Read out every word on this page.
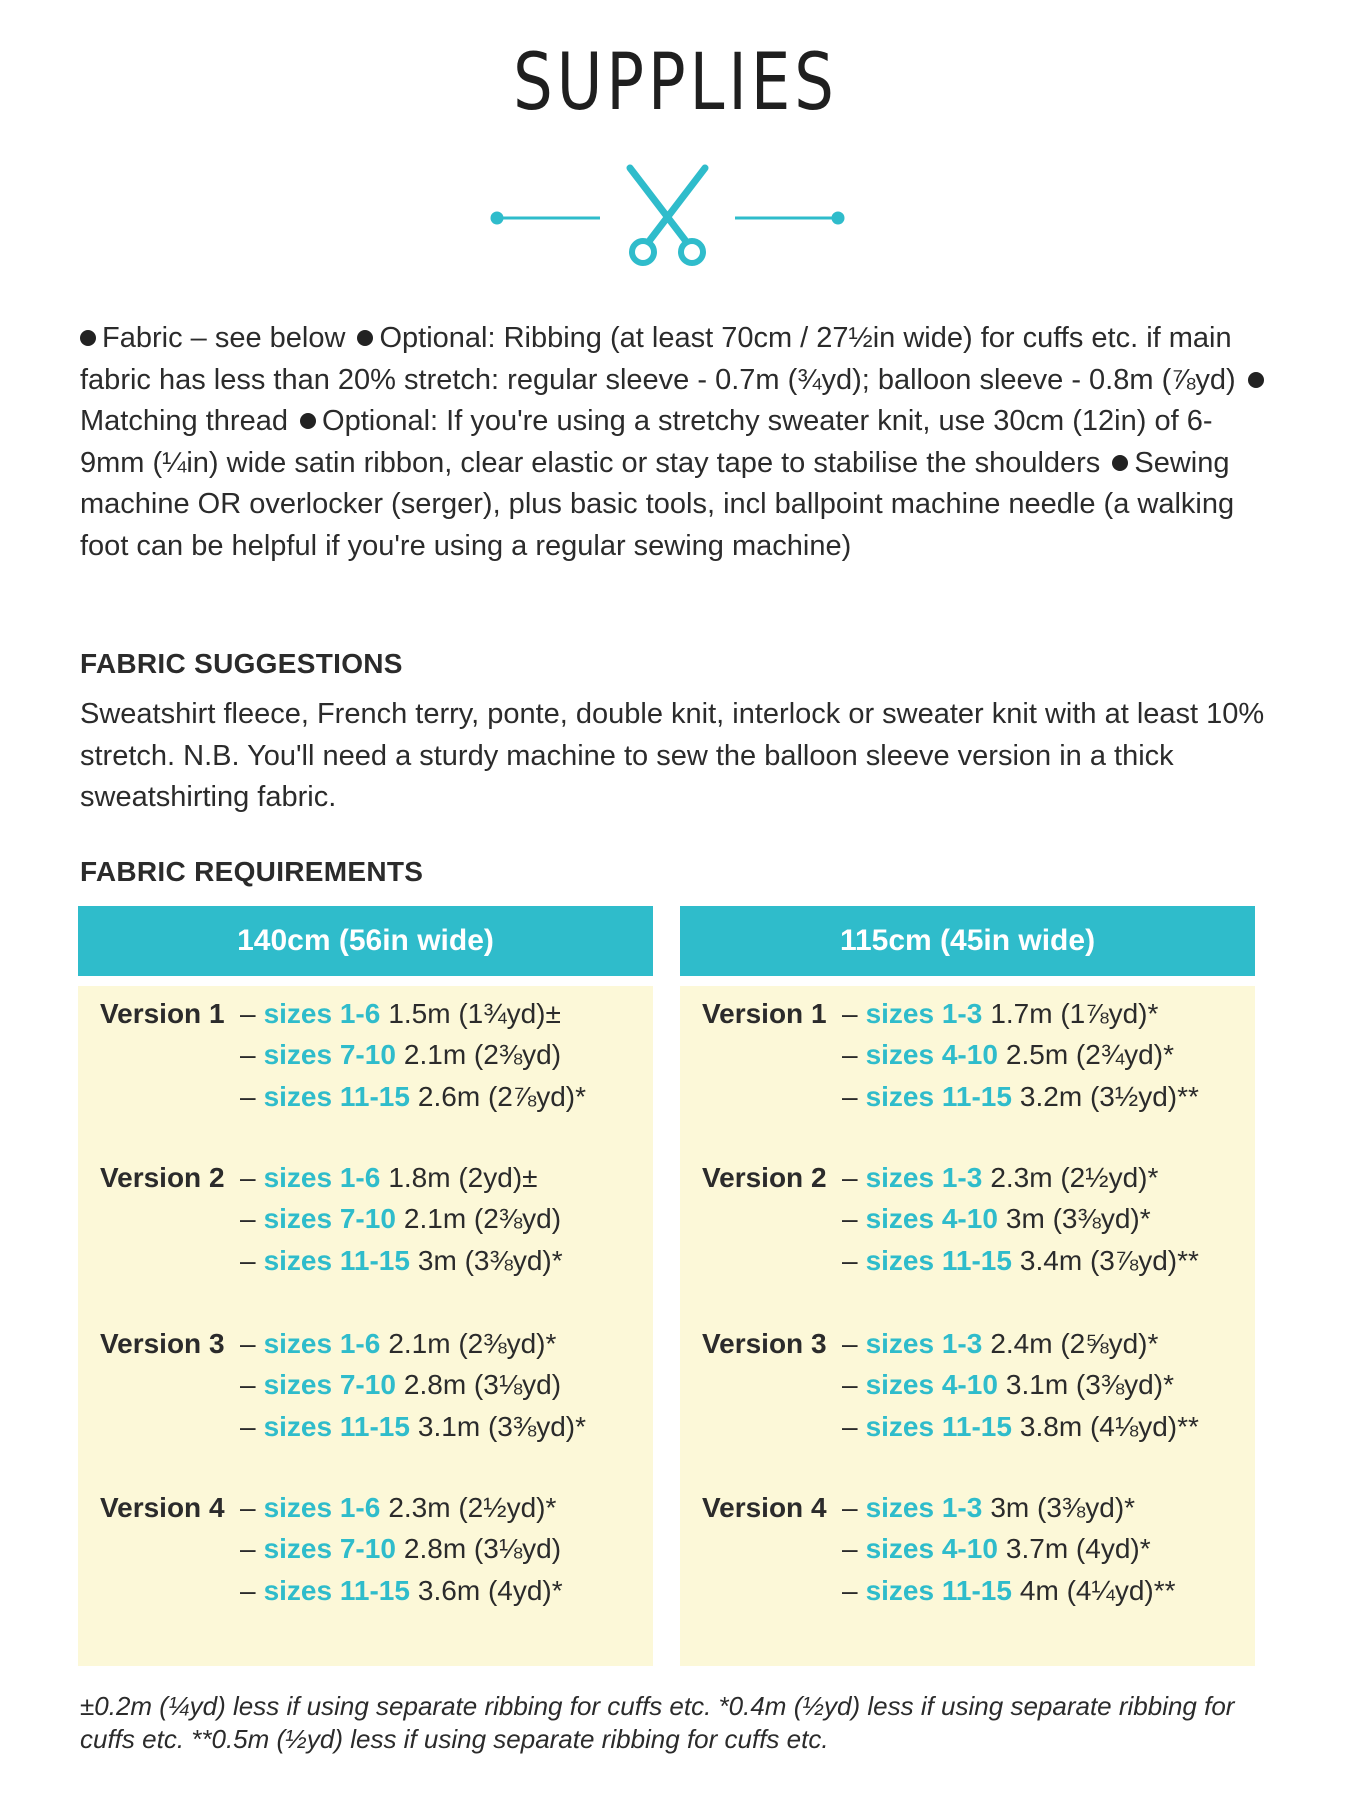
SUPPLIES
Fabric – see below Optional: Ribbing (at least 70cm / 27½in wide) for cuffs etc. if main fabric has less than 20% stretch: regular sleeve - 0.7m (¾yd); balloon sleeve - 0.8m (⅞yd) Matching thread Optional: If you're using a stretchy sweater knit, use 30cm (12in) of 6-9mm (¼in) wide satin ribbon, clear elastic or stay tape to stabilise the shoulders Sewing machine OR overlocker (serger), plus basic tools, incl ballpoint machine needle (a walking foot can be helpful if you're using a regular sewing machine)
FABRIC SUGGESTIONS
Sweatshirt fleece, French terry, ponte, double knit, interlock or sweater knit with at least 10% stretch. N.B. You'll need a sturdy machine to sew the balloon sleeve version in a thick sweatshirting fabric.
FABRIC REQUIREMENTS
140cm (56in wide)
Version 1 – sizes 1-6 1.5m (1¾yd)±
– sizes 7-10 2.1m (2⅜yd)
– sizes 11-15 2.6m (2⅞yd)*
Version 2 – sizes 1-6 1.8m (2yd)±
– sizes 7-10 2.1m (2⅜yd)
– sizes 11-15 3m (3⅜yd)*
Version 3 – sizes 1-6 2.1m (2⅜yd)*
– sizes 7-10 2.8m (3⅛yd)
– sizes 11-15 3.1m (3⅜yd)*
Version 4 – sizes 1-6 2.3m (2½yd)*
– sizes 7-10 2.8m (3⅛yd)
– sizes 11-15 3.6m (4yd)*
115cm (45in wide)
Version 1 – sizes 1-3 1.7m (1⅞yd)*
– sizes 4-10 2.5m (2¾yd)*
– sizes 11-15 3.2m (3½yd)**
Version 2 – sizes 1-3 2.3m (2½yd)*
– sizes 4-10 3m (3⅜yd)*
– sizes 11-15 3.4m (3⅞yd)**
Version 3 – sizes 1-3 2.4m (2⅝yd)*
– sizes 4-10 3.1m (3⅜yd)*
– sizes 11-15 3.8m (4⅛yd)**
Version 4 – sizes 1-3 3m (3⅜yd)*
– sizes 4-10 3.7m (4yd)*
– sizes 11-15 4m (4¼yd)**
±0.2m (¼yd) less if using separate ribbing for cuffs etc. *0.4m (½yd) less if using separate ribbing for cuffs etc. **0.5m (½yd) less if using separate ribbing for cuffs etc.
